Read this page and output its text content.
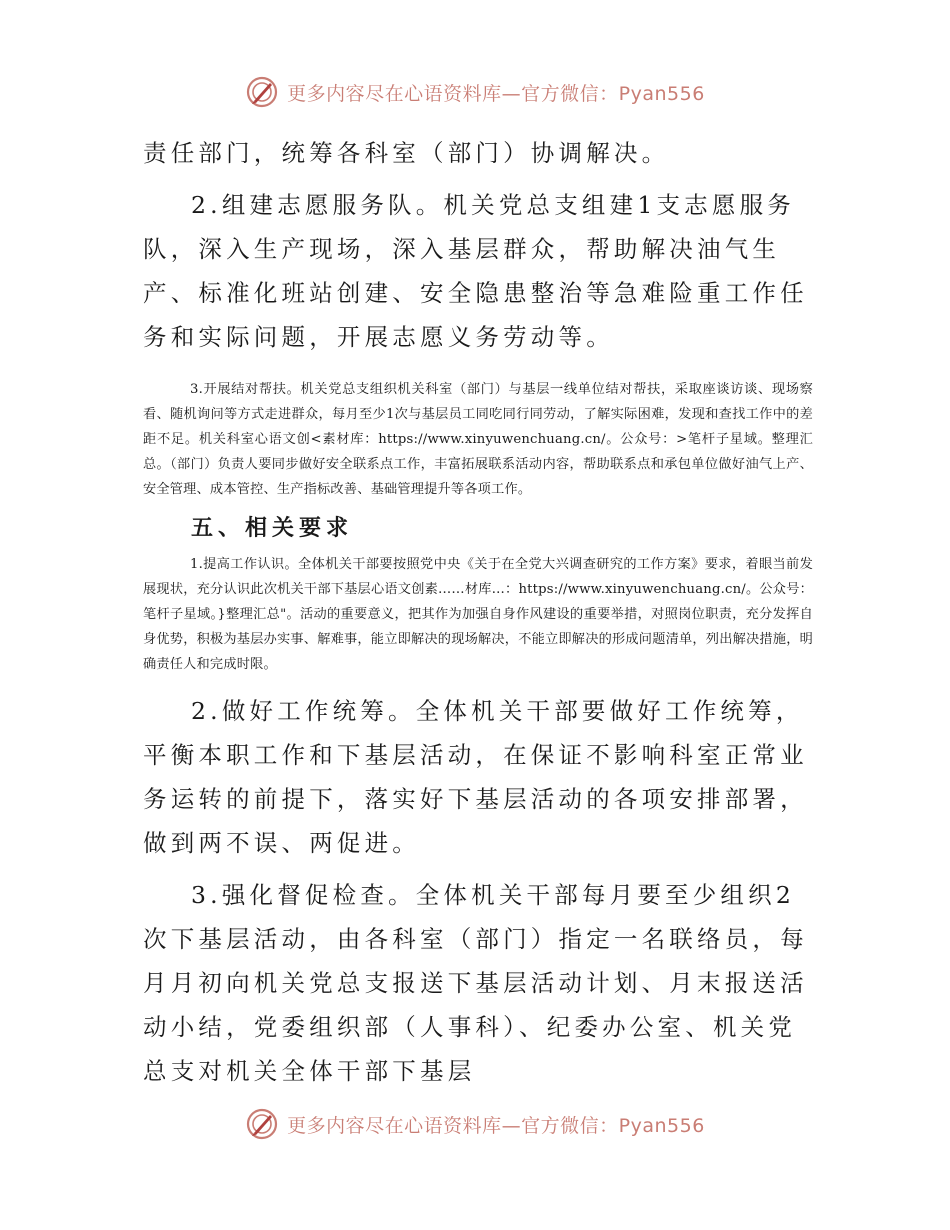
更多内容尽在心语资料库—官方微信：Pyan556

责任部门，统筹各科室（部门）协调解决。

2.组建志愿服务队。机关党总支组建1支志愿服务队，深入生产现场，深入基层群众，帮助解决油气生产、标准化班站创建、安全隐患整治等急难险重工作任务和实际问题，开展志愿义务劳动等。

3.开展结对帮扶。机关党总支组织机关科室（部门）与基层一线单位结对帮扶，采取座谈访谈、现场察看、随机询问等方式走进群众，每月至少1次与基层员工同吃同行同劳动，了解实际困难，发现和查找工作中的差距不足。机关科室心语文创<素材库：https://www.xinyuwenchuang.cn/。公众号：>笔杆子星域。整理汇总。（部门）负责人要同步做好安全联系点工作，丰富拓展联系活动内容，帮助联系点和承包单位做好油气上产、安全管理、成本管控、生产指标改善、基础管理提升等各项工作。

五、相关要求

1.提高工作认识。全体机关干部要按照党中央《关于在全党大兴调查研究的工作方案》要求，着眼当前发展现状，充分认识此次机关干部下基层心语文创素……材库…：https://www.xinyuwenchuang.cn/。公众号：笔杆子星域。}整理汇总"。活动的重要意义，把其作为加强自身作风建设的重要举措，对照岗位职责，充分发挥自身优势，积极为基层办实事、解难事，能立即解决的现场解决，不能立即解决的形成问题清单，列出解决措施，明确责任人和完成时限。

2.做好工作统筹。全体机关干部要做好工作统筹，平衡本职工作和下基层活动，在保证不影响科室正常业务运转的前提下，落实好下基层活动的各项安排部署，做到两不误、两促进。

3.强化督促检查。全体机关干部每月要至少组织2次下基层活动，由各科室（部门）指定一名联络员，每月月初向机关党总支报送下基层活动计划、月末报送活动小结，党委组织部（人事科）、纪委办公室、机关党总支对机关全体干部下基层

更多内容尽在心语资料库—官方微信：Pyan556
